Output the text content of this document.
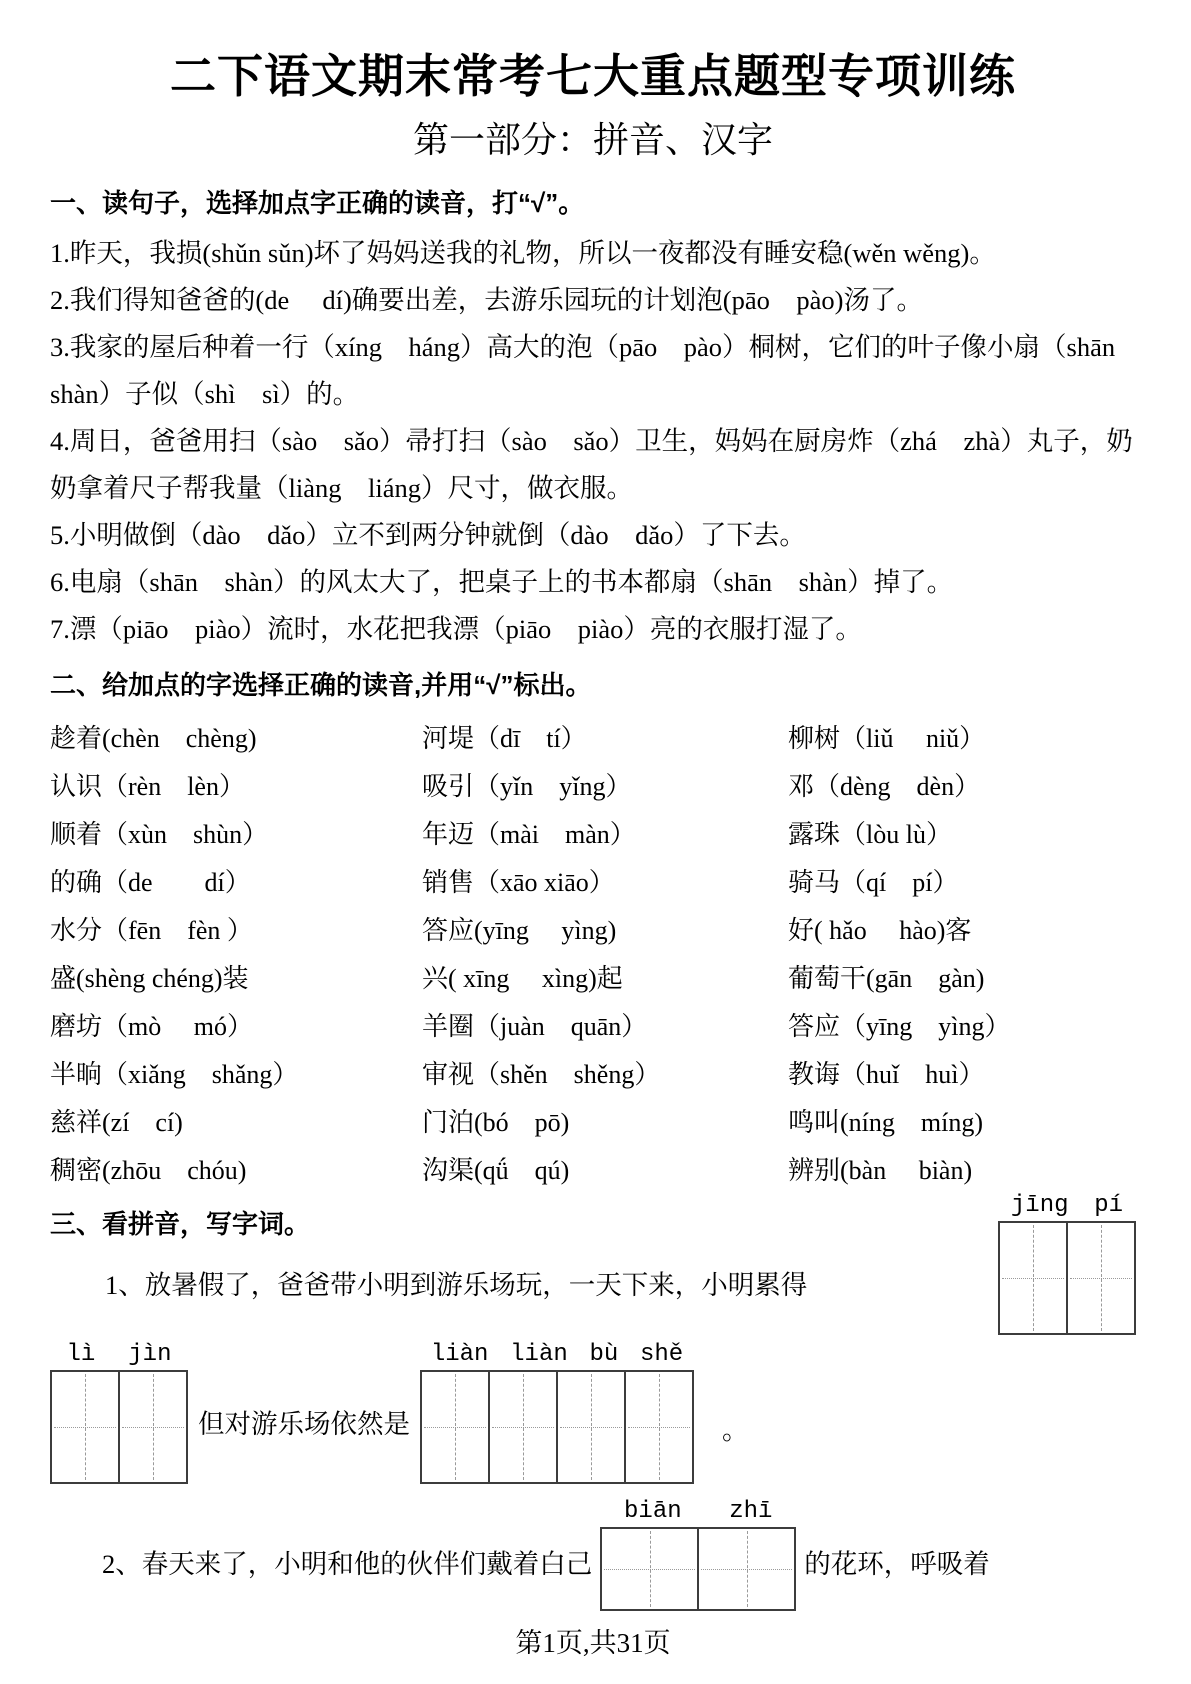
二下语文期末常考七大重点题型专项训练
第一部分：拼音、汉字
一、读句子，选择加点字正确的读音，打“√”。

1.昨天，我损(shǔn sǔn)坏了妈妈送我的礼物，所以一夜都没有睡安稳(wěn wěng)。

2.我们得知爸爸的(de　 dí)确要出差，去游乐园玩的计划泡(pāo　pào)汤了。

3.我家的屋后种着一行（xíng　háng）高大的泡（pāo　pào）桐树，它们的叶子像小扇（shān　shàn）子似（shì　sì）的。

4.周日，爸爸用扫（sào　sǎo）帚打扫（sào　sǎo）卫生，妈妈在厨房炸（zhá　zhà）丸子，奶奶拿着尺子帮我量（liàng　liáng）尺寸，做衣服。

5.小明做倒（dào　dǎo）立不到两分钟就倒（dào　dǎo）了下去。

6.电扇（shān　shàn）的风太大了，把桌子上的书本都扇（shān　shàn）掉了。

7.漂（piāo　piào）流时，水花把我漂（piāo　piào）亮的衣服打湿了。

二、给加点的字选择正确的读音,并用“√”标出。
趁着(chèn　chèng)	河堤（dī　tí）	柳树（liǔ　 niǔ）
认识（rèn　lèn）	吸引（yǐn　yǐng）	邓（dèng　dèn）
顺着（xùn　shùn）	年迈（mài　màn）	露珠（lòu lù）
的确（de　　dí）	销售（xāo xiāo）	骑马（qí　pí）
水分（fēn　fèn ）	答应(yīng　 yìng)	好( hǎo　 hào)客
盛(shèng chéng)装	兴( xīng　 xìng)起	葡萄干(gān　gàn)
磨坊（mò　 mó）	羊圈（juàn　quān）	答应（yīng　yìng）
半晌（xiǎng　shǎng）	审视（shěn　shěng）	教诲（huǐ　huì）
慈祥(zí　cí)	门泊(bó　pō)	鸣叫(níng　míng)
稠密(zhōu　chóu)	沟渠(qǘ　qú)	辨别(bàn　 biàn)
三、看拼音，写字词。

1、放暑假了，爸爸带小明到游乐场玩，一天下来，小明累得

jīng pí
lì jìn

但对游乐场依然是

liàn liàn bù shě
。

2、春天来了，小明和他的伙伴们戴着白己

biān zhī

的花环，呼吸着

第1页,共31页
